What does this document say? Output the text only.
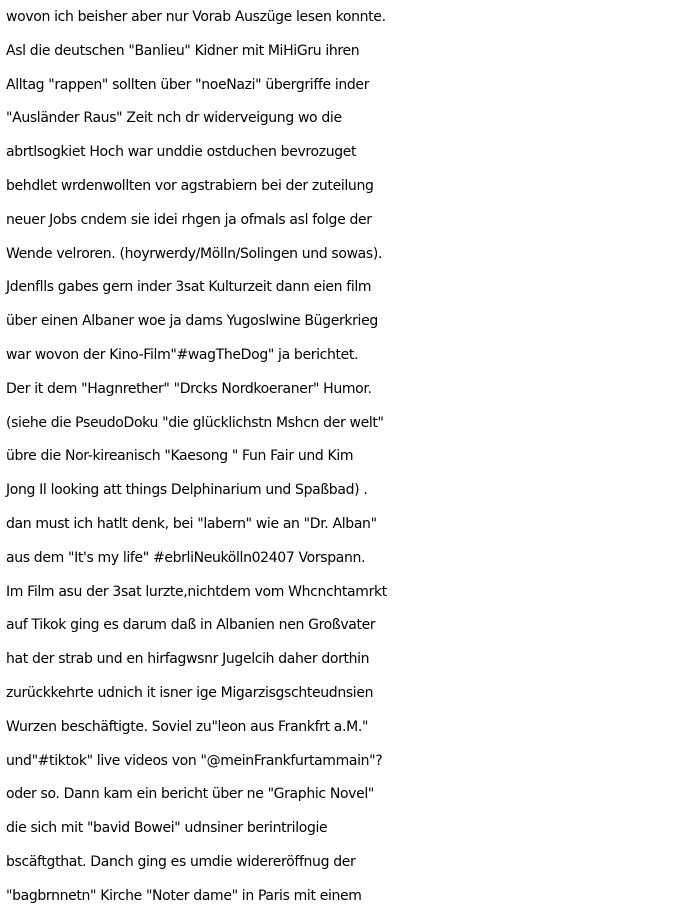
wovon ich beisher aber nur Vorab Auszüge lesen konnte.
Asl die deutschen "Banlieu" Kidner mit MiHiGru ihren
Alltag "rappen" sollten über "noeNazi" übergriffe inder
"Ausländer Raus" Zeit nch dr widerveigung wo die
abrtlsogkiet Hoch war unddie ostduchen bevrozuget
behdlet wrdenwollten vor agstrabiern bei der zuteilung
neuer Jobs cndem sie idei rhgen ja ofmals asl folge der
Wende velroren. (hoyrwerdy/Mölln/Solingen und sowas).
Jdenflls gabes gern inder 3sat Kulturzeit dann eien film
über einen Albaner woe ja dams Yugoslwine Bügerkrieg
war wovon der Kino-Film"#wagTheDog" ja berichtet.
Der it dem "Hagnrether" "Drcks Nordkoeraner" Humor.
(siehe die PseudoDoku "die glücklichstn Mshcn der welt"
übre die Nor-kireanisch "Kaesong " Fun Fair und Kim
Jong Il looking att things Delphinarium und Spaßbad) .
dan must ich hatlt denk, bei "labern" wie an "Dr. Alban"
aus dem "It's my life" #ebrliNeukölln02407 Vorspann.
Im Film asu der 3sat lurzte,nichtdem vom Whcnchtamrkt
auf Tikok ging es darum daß in Albanien nen Großvater
hat der strab und en hirfagwsnr Jugelcih daher dorthin
zurückkehrte udnich it isner ige Migarzisgschteudnsien
Wurzen beschäftigte. Soviel zu"leon aus Frankfrt a.M."
und"#tiktok" live videos von "@meinFrankfurtammain"?
oder so. Dann kam ein bericht über ne "Graphic Novel"
die sich mit "bavid Bowei" udnsiner berintrilogie
bscäftgthat. Danch ging es umdie widereröffnug der
"bagbrnnetn" Kirche "Noter dame" in Paris mit einem
